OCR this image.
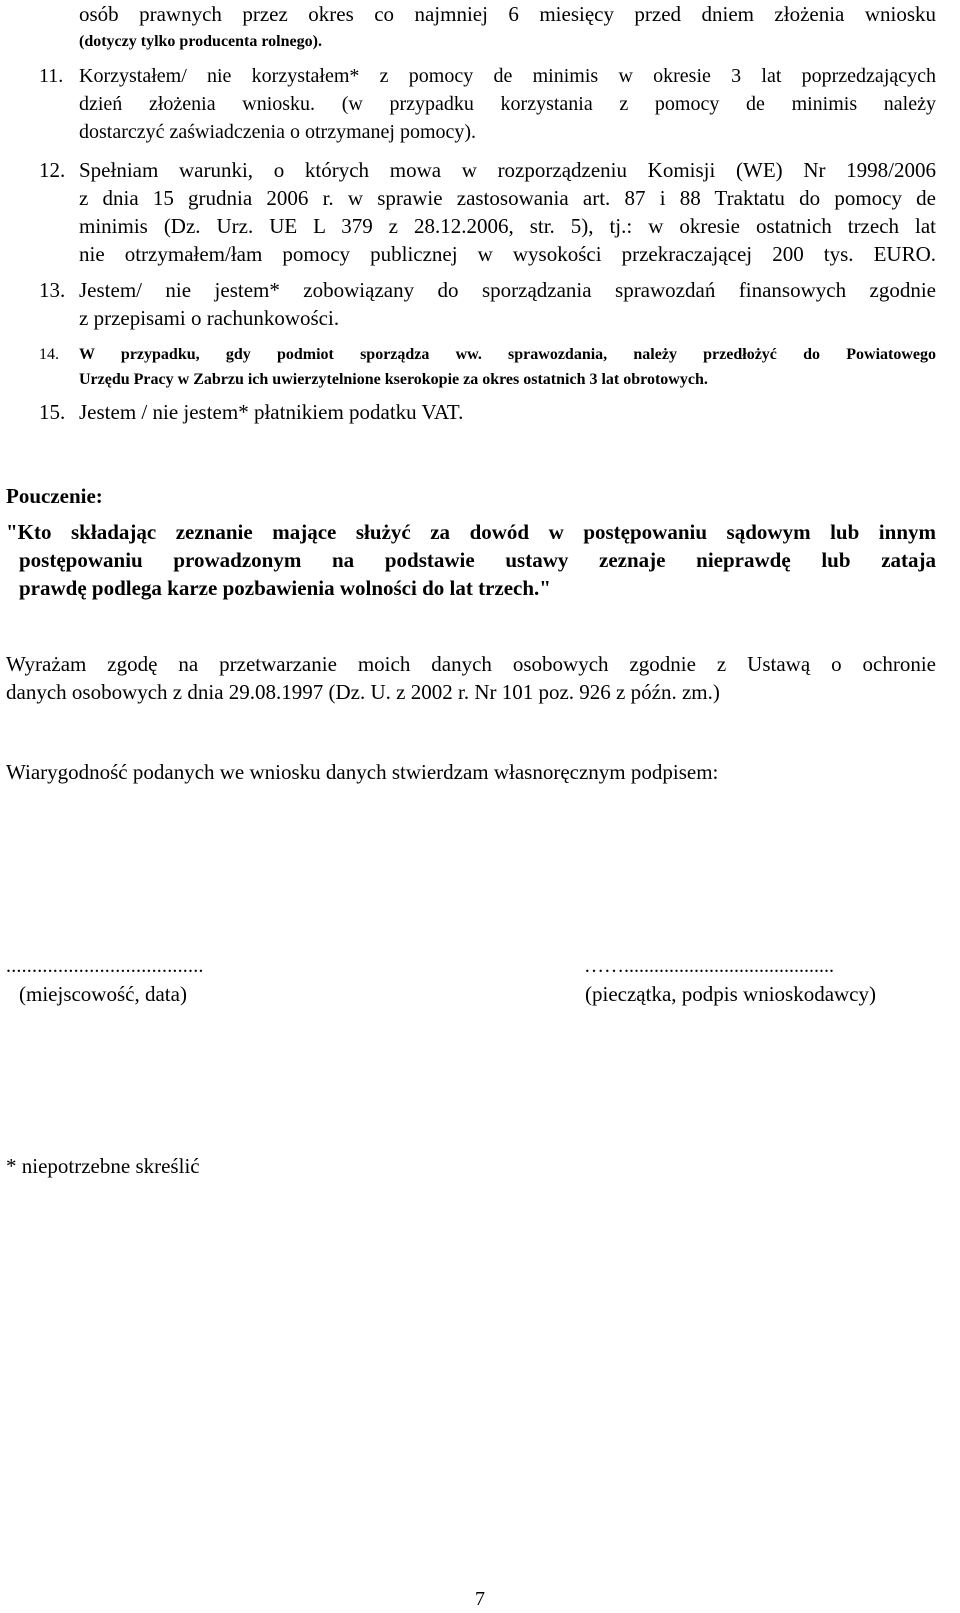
osób prawnych przez okres co najmniej 6 miesięcy przed dniem złożenia wniosku
(dotyczy tylko producenta rolnego).
11. Korzystałem/ nie korzystałem* z pomocy de minimis w okresie 3 lat poprzedzających
dzień złożenia wniosku. (w przypadku korzystania z pomocy de minimis należy
dostarczyć zaświadczenia o otrzymanej pomocy).
12. Spełniam warunki, o których mowa w rozporządzeniu Komisji (WE) Nr 1998/2006
z dnia 15 grudnia 2006 r. w sprawie zastosowania art. 87 i 88 Traktatu do pomocy de
minimis (Dz. Urz. UE L 379 z 28.12.2006, str. 5), tj.: w okresie ostatnich trzech lat
nie otrzymałem/łam pomocy publicznej w wysokości przekraczającej 200 tys. EURO.
13. Jestem/ nie jestem* zobowiązany do sporządzania sprawozdań finansowych zgodnie
z przepisami o rachunkowości.
14. W przypadku, gdy podmiot sporządza ww. sprawozdania, należy przedłożyć do Powiatowego
Urzędu Pracy w Zabrzu ich uwierzytelnione kserokopie za okres ostatnich 3 lat obrotowych.
15. Jestem / nie jestem* płatnikiem podatku VAT.
Pouczenie:
"Kto składając zeznanie mające służyć za dowód w postępowaniu sądowym lub innym
postępowaniu prowadzonym na podstawie ustawy zeznaje nieprawdę lub zataja
prawdę podlega karze pozbawienia wolności do lat trzech."
Wyrażam zgodę na przetwarzanie moich danych osobowych zgodnie z Ustawą o ochronie
danych osobowych z dnia 29.08.1997 (Dz. U. z 2002 r. Nr 101 poz. 926 z późn. zm.)
Wiarygodność podanych we wniosku danych stwierdzam własnoręcznym podpisem:
......................................
(miejscowość, data)
……..........................................
(pieczątka, podpis wnioskodawcy)
* niepotrzebne skreślić
7
